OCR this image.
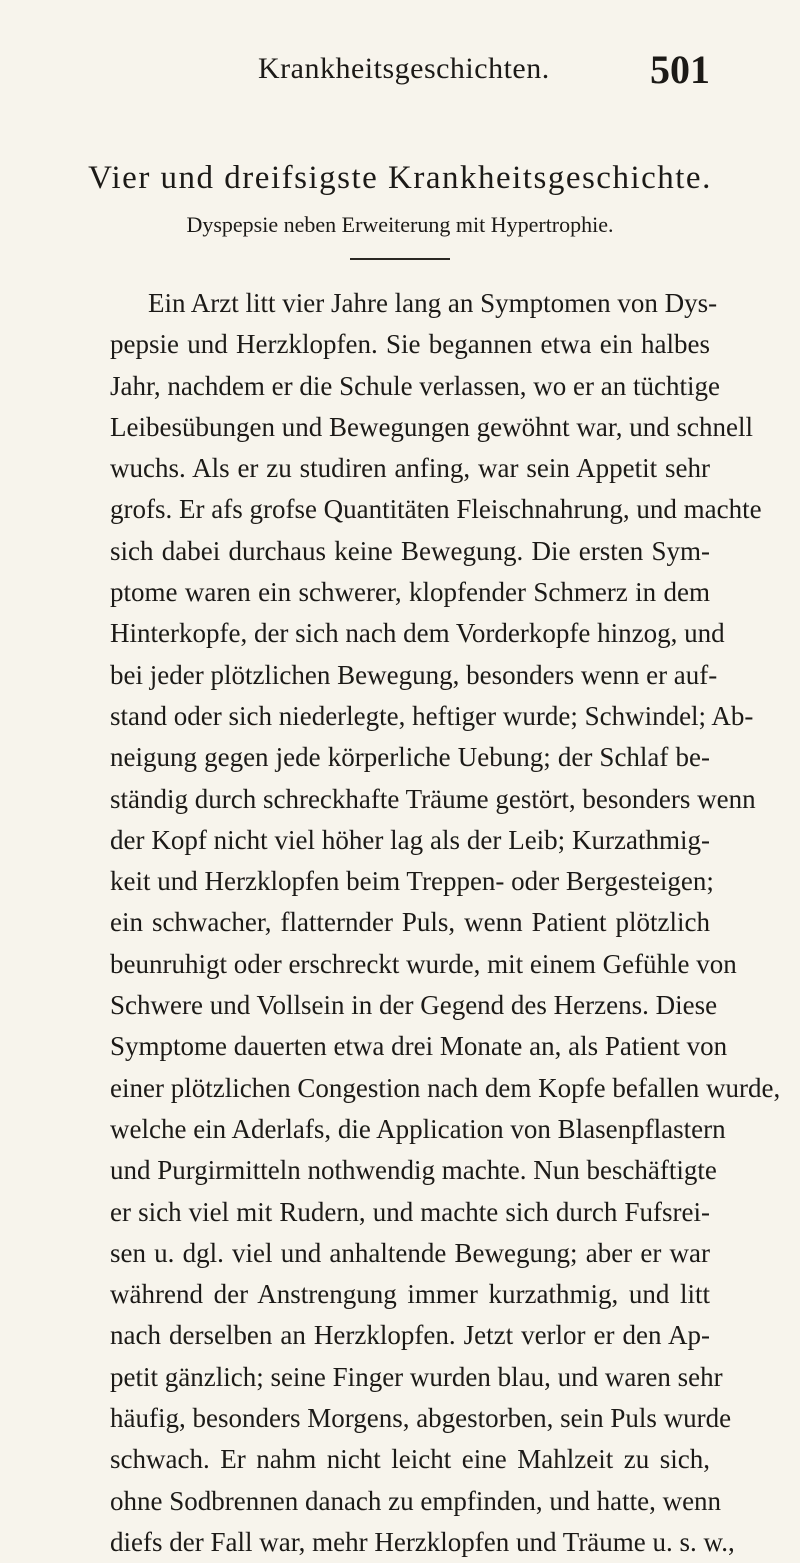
Krankheitsgeschichten.	501
Vier und dreifsigste Krankheitsgeschichte.
Dyspepsie neben Erweiterung mit Hypertrophie.
Ein Arzt litt vier Jahre lang an Symptomen von Dys-
pepsie und Herzklopfen. Sie begannen etwa ein halbes
Jahr, nachdem er die Schule verlassen, wo er an tüchtige
Leibesübungen und Bewegungen gewöhnt war, und schnell
wuchs. Als er zu studiren anfing, war sein Appetit sehr
grofs. Er afs grofse Quantitäten Fleischnahrung, und machte
sich dabei durchaus keine Bewegung. Die ersten Sym-
ptome waren ein schwerer, klopfender Schmerz in dem
Hinterkopfe, der sich nach dem Vorderkopfe hinzog, und
bei jeder plötzlichen Bewegung, besonders wenn er auf-
stand oder sich niederlegte, heftiger wurde; Schwindel; Ab-
neigung gegen jede körperliche Uebung; der Schlaf be-
ständig durch schreckhafte Träume gestört, besonders wenn
der Kopf nicht viel höher lag als der Leib; Kurzathmig-
keit und Herzklopfen beim Treppen- oder Bergesteigen;
ein schwacher, flatternder Puls, wenn Patient plötzlich
beunruhigt oder erschreckt wurde, mit einem Gefühle von
Schwere und Vollsein in der Gegend des Herzens. Diese
Symptome dauerten etwa drei Monate an, als Patient von
einer plötzlichen Congestion nach dem Kopfe befallen wurde,
welche ein Aderlafs, die Application von Blasenpflastern
und Purgirmitteln nothwendig machte. Nun beschäftigte
er sich viel mit Rudern, und machte sich durch Fufsrei-
sen u. dgl. viel und anhaltende Bewegung; aber er war
während der Anstrengung immer kurzathmig, und litt
nach derselben an Herzklopfen. Jetzt verlor er den Ap-
petit gänzlich; seine Finger wurden blau, und waren sehr
häufig, besonders Morgens, abgestorben, sein Puls wurde
schwach. Er nahm nicht leicht eine Mahlzeit zu sich,
ohne Sodbrennen danach zu empfinden, und hatte, wenn
diefs der Fall war, mehr Herzklopfen und Träume u. s. w.,
